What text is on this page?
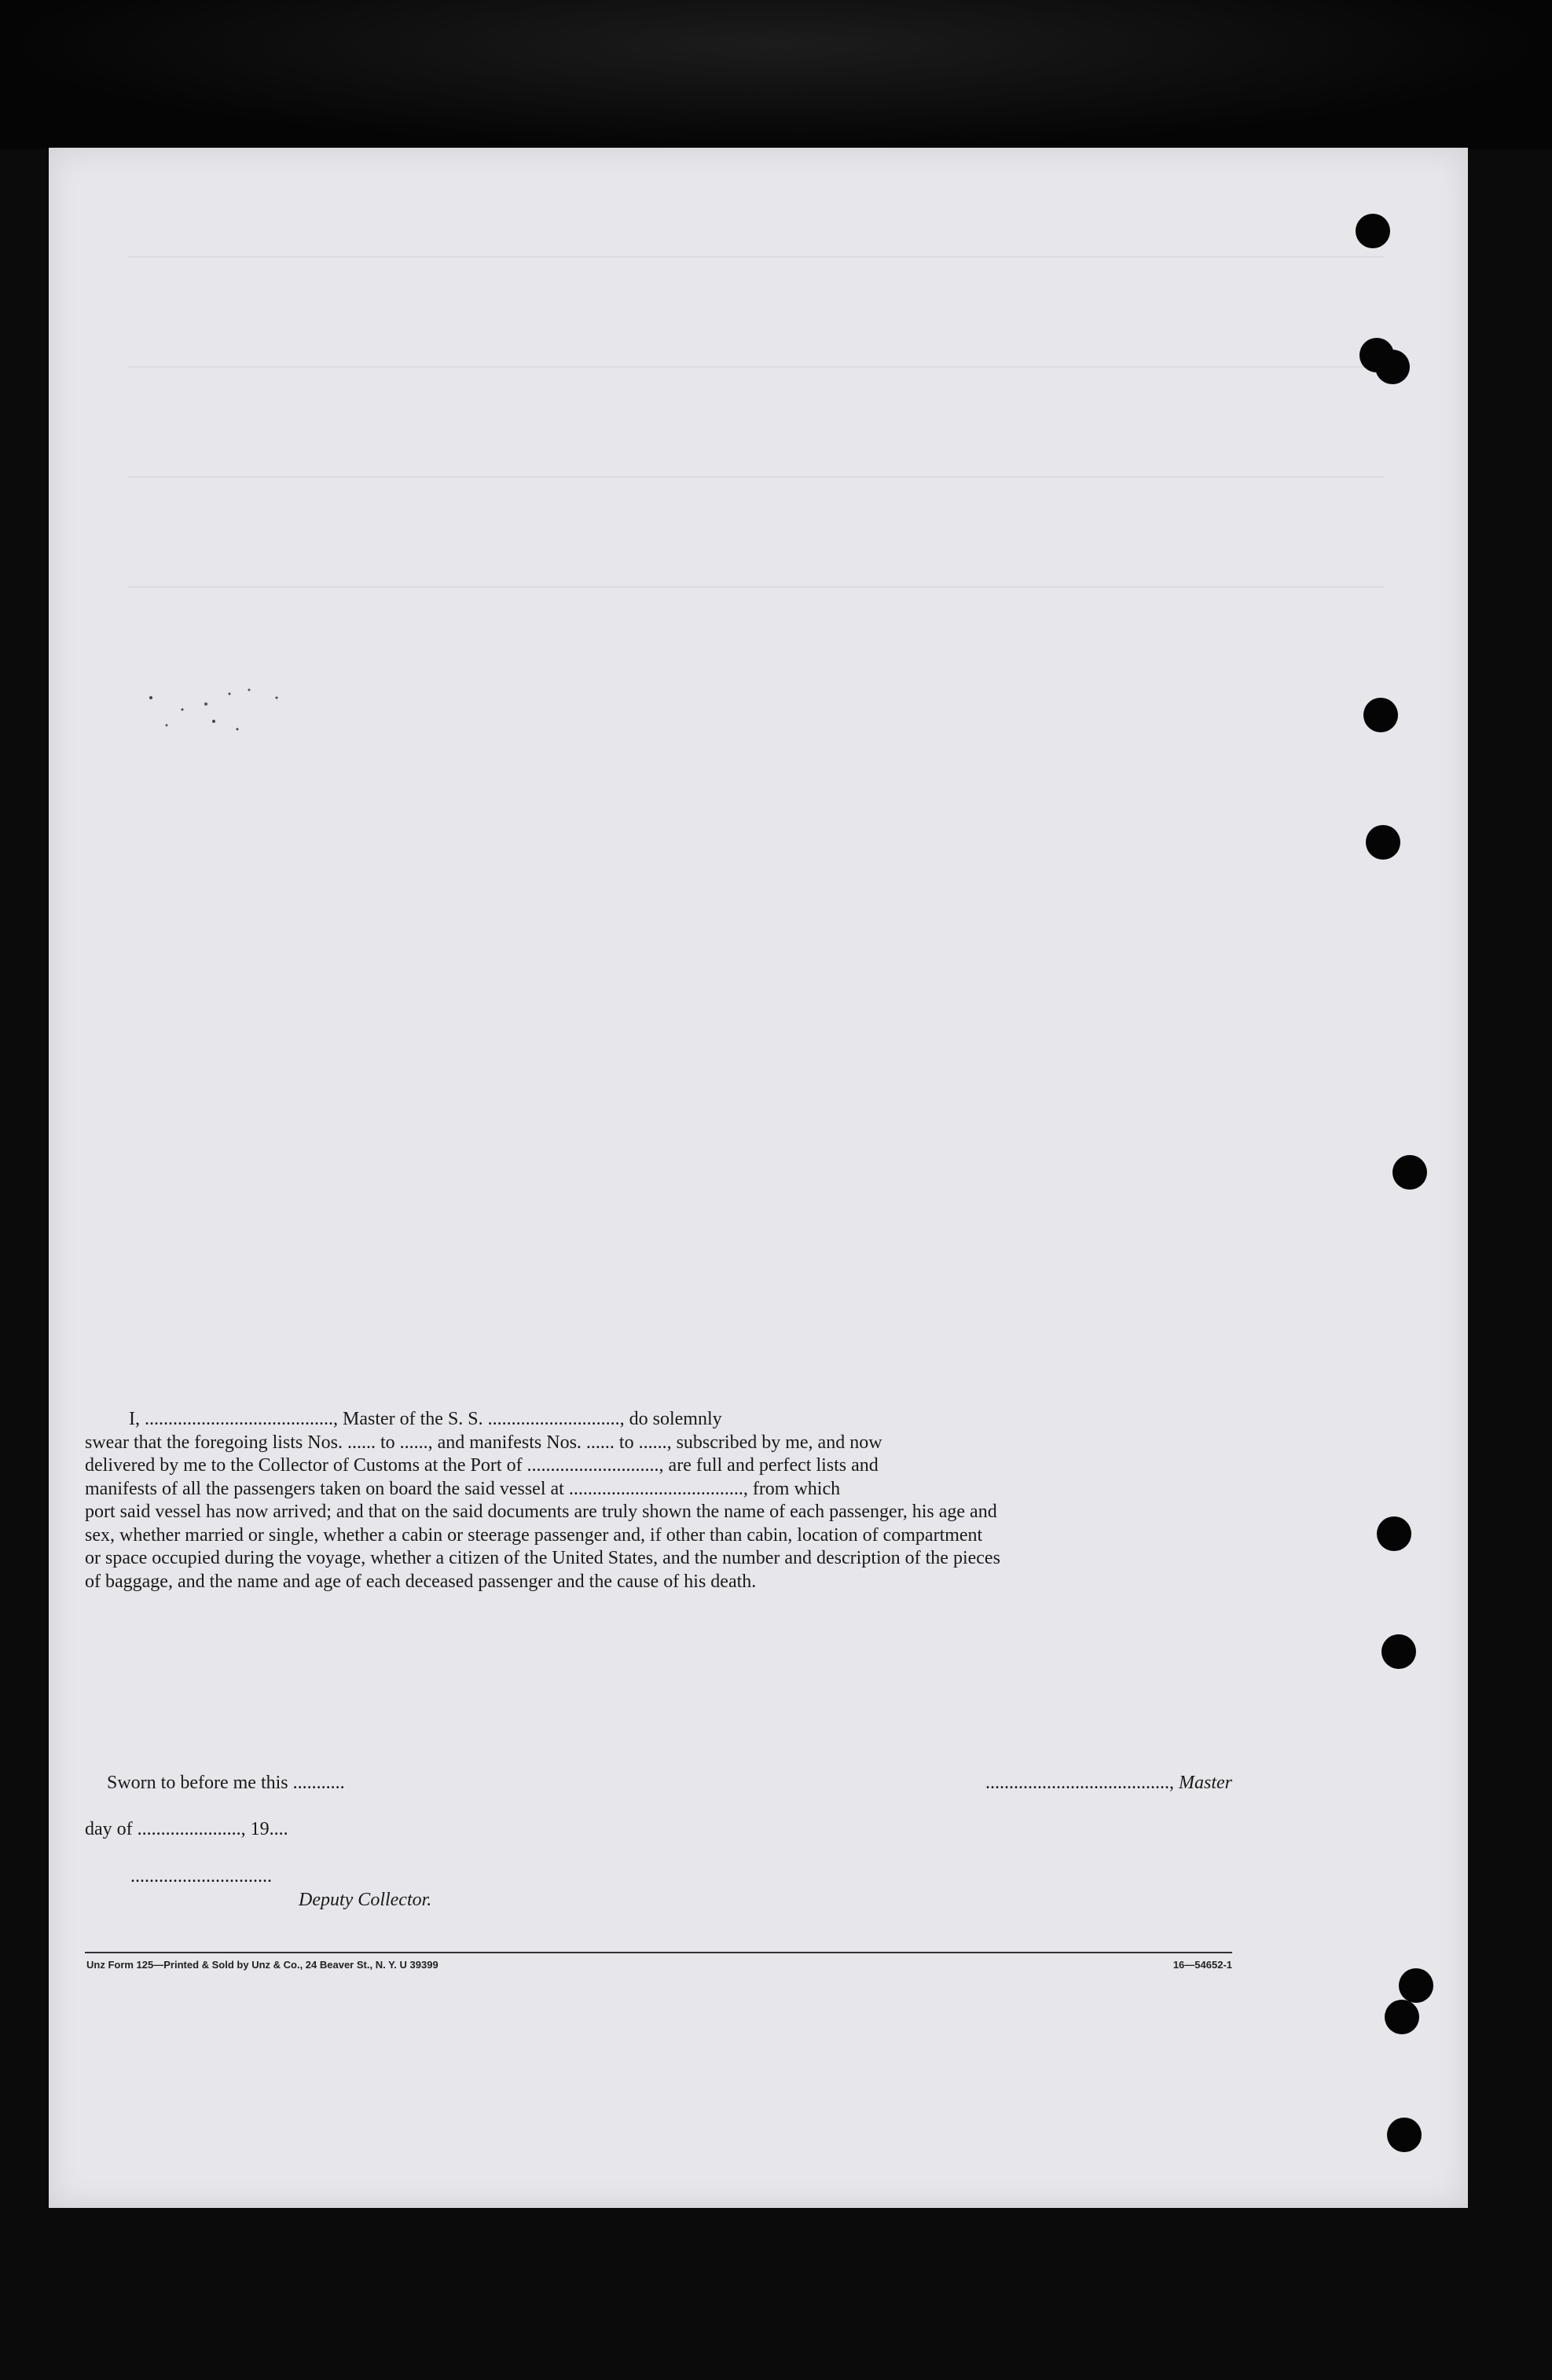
I, ........................................, Master of the S. S. ............................, do solemnly

swear that the foregoing lists Nos. ...... to ......, and manifests Nos. ...... to ......, subscribed by me, and now

delivered by me to the Collector of Customs at the Port of ............................, are full and perfect lists and

manifests of all the passengers taken on board the said vessel at ....................................., from which

port said vessel has now arrived; and that on the said documents are truly shown the name of each passenger, his age and

sex, whether married or single, whether a cabin or steerage passenger and, if other than cabin, location of compartment

or space occupied during the voyage, whether a citizen of the United States, and the number and description of the pieces

of baggage, and the name and age of each deceased passenger and the cause of his death.

Sworn to before me this ...........	......................................., Master
day of ......................, 19....
..............................
Deputy Collector.
Unz Form 125—Printed & Sold by Unz & Co., 24 Beaver St., N. Y. U 39399	16—54652-1
